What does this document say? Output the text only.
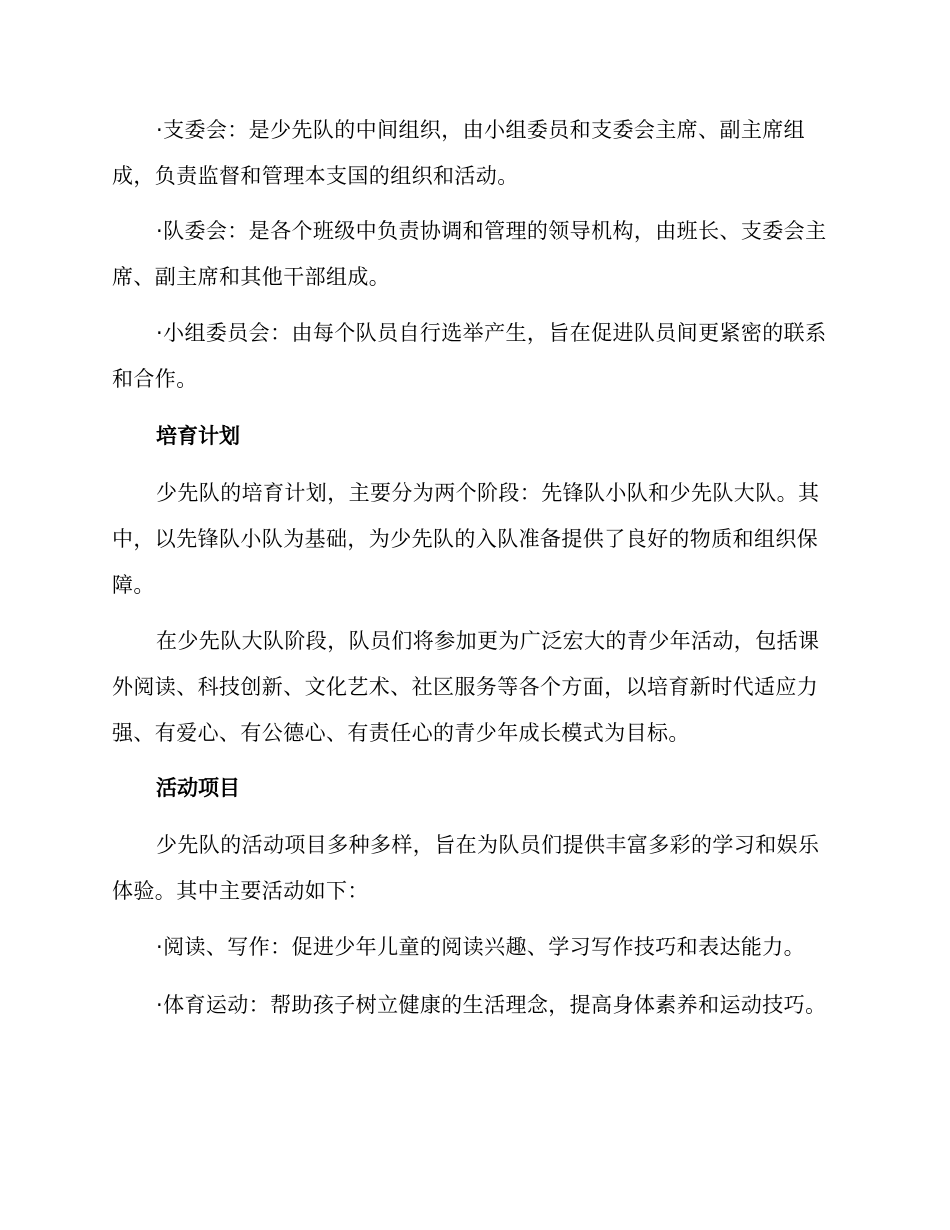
·支委会：是少先队的中间组织，由小组委员和支委会主席、副主席组成，负责监督和管理本支国的组织和活动。

·队委会：是各个班级中负责协调和管理的领导机构，由班长、支委会主席、副主席和其他干部组成。

·小组委员会：由每个队员自行选举产生，旨在促进队员间更紧密的联系和合作。

培育计划

少先队的培育计划，主要分为两个阶段：先锋队小队和少先队大队。其中，以先锋队小队为基础，为少先队的入队准备提供了良好的物质和组织保障。

在少先队大队阶段，队员们将参加更为广泛宏大的青少年活动，包括课外阅读、科技创新、文化艺术、社区服务等各个方面，以培育新时代适应力强、有爱心、有公德心、有责任心的青少年成长模式为目标。

活动项目

少先队的活动项目多种多样，旨在为队员们提供丰富多彩的学习和娱乐体验。其中主要活动如下：

·阅读、写作：促进少年儿童的阅读兴趣、学习写作技巧和表达能力。

·体育运动：帮助孩子树立健康的生活理念，提高身体素养和运动技巧。
